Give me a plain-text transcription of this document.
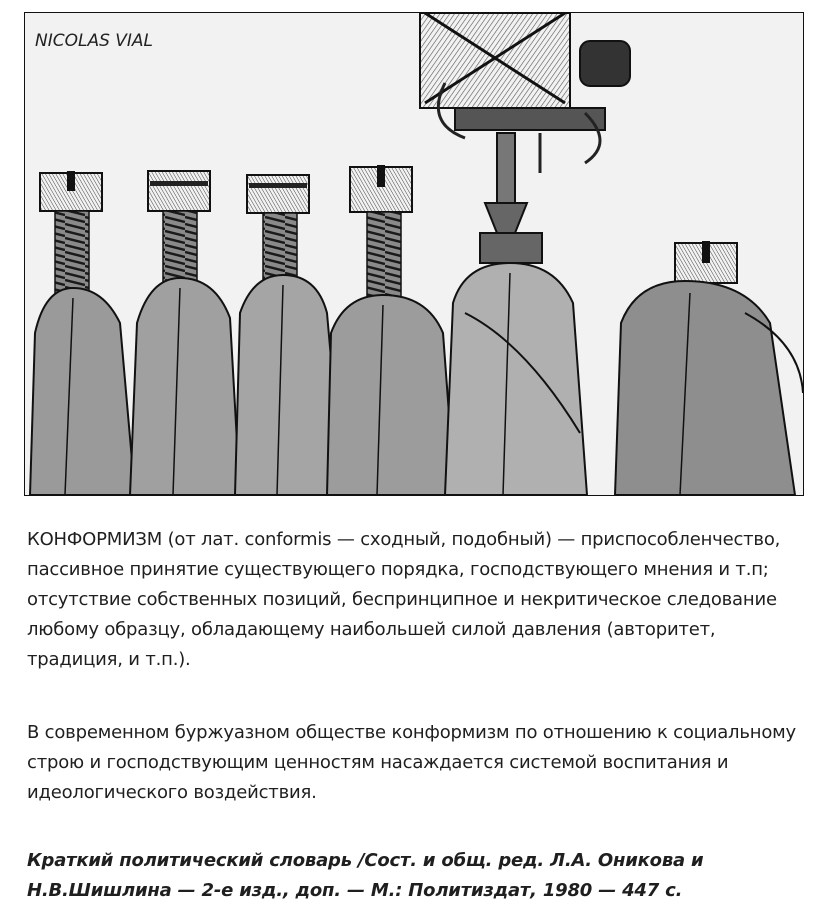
NICOLAS VIAL
КОНФОРМИЗМ (от лат. conformis — сходный, подобный) — приспособленчество, пассивное принятие существующего порядка, господствующего мнения и т.п; отсутствие собственных позиций, беспринципное и некритическое следование любому образцу, обладающему наибольшей силой давления (авторитет, традиция, и т.п.).
В современном буржуазном обществе конформизм по отношению к социальному строю и господствующим ценностям насаждается системой воспитания и идеологического воздействия.
Краткий политический словарь /Сост. и общ. ред. Л.А. Оникова и Н.В.Шишлина — 2-е изд., доп. — М.: Политиздат, 1980 — 447 с.
